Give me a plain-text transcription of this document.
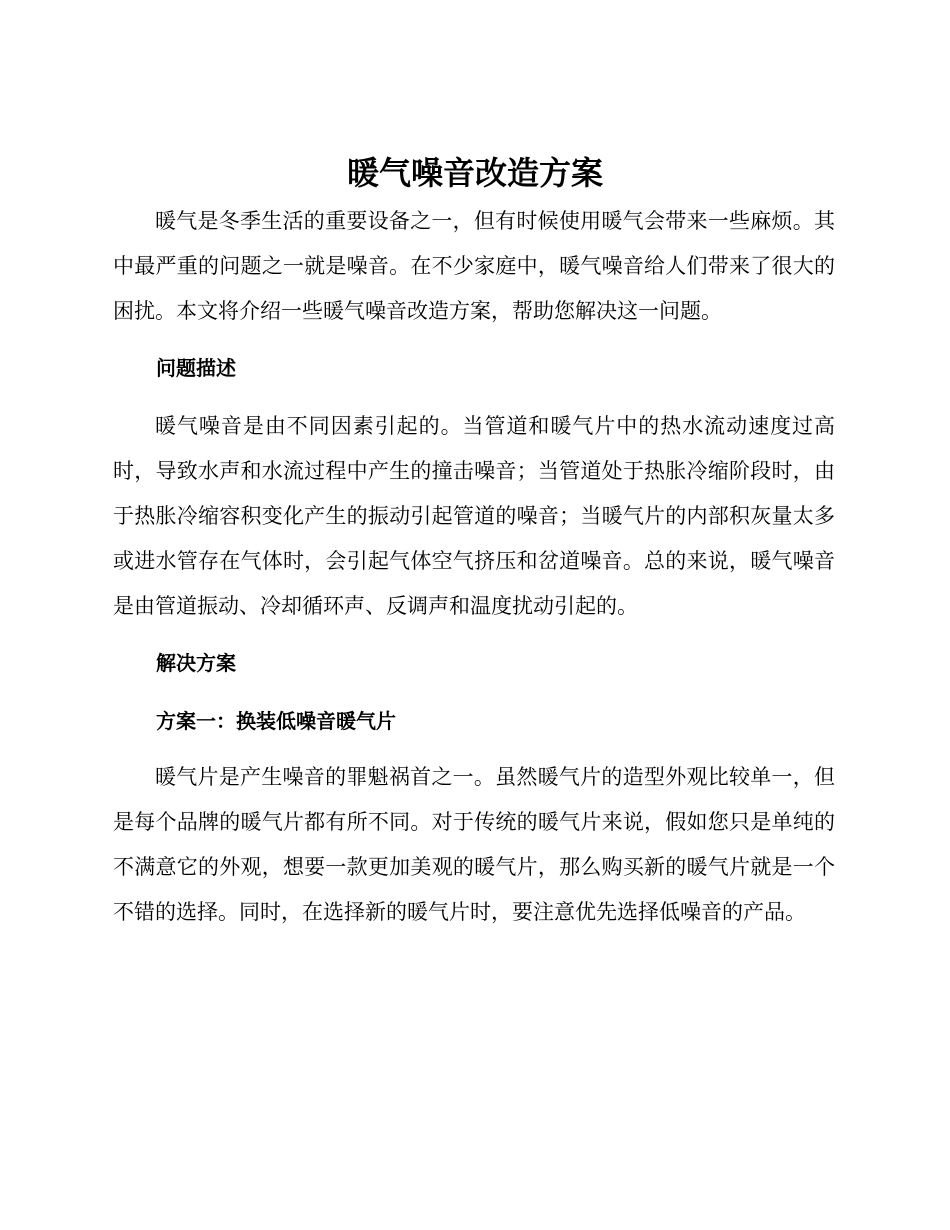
暖气噪音改造方案

暖气是冬季生活的重要设备之一，但有时候使用暖气会带来一些麻烦。其中最严重的问题之一就是噪音。在不少家庭中，暖气噪音给人们带来了很大的困扰。本文将介绍一些暖气噪音改造方案，帮助您解决这一问题。

问题描述

暖气噪音是由不同因素引起的。当管道和暖气片中的热水流动速度过高时，导致水声和水流过程中产生的撞击噪音；当管道处于热胀冷缩阶段时，由于热胀冷缩容积变化产生的振动引起管道的噪音；当暖气片的内部积灰量太多或进水管存在气体时，会引起气体空气挤压和岔道噪音。总的来说，暖气噪音是由管道振动、冷却循环声、反调声和温度扰动引起的。

解决方案
方案一：换装低噪音暖气片

暖气片是产生噪音的罪魁祸首之一。虽然暖气片的造型外观比较单一，但是每个品牌的暖气片都有所不同。对于传统的暖气片来说，假如您只是单纯的不满意它的外观，想要一款更加美观的暖气片，那么购买新的暖气片就是一个不错的选择。同时，在选择新的暖气片时，要注意优先选择低噪音的产品。
